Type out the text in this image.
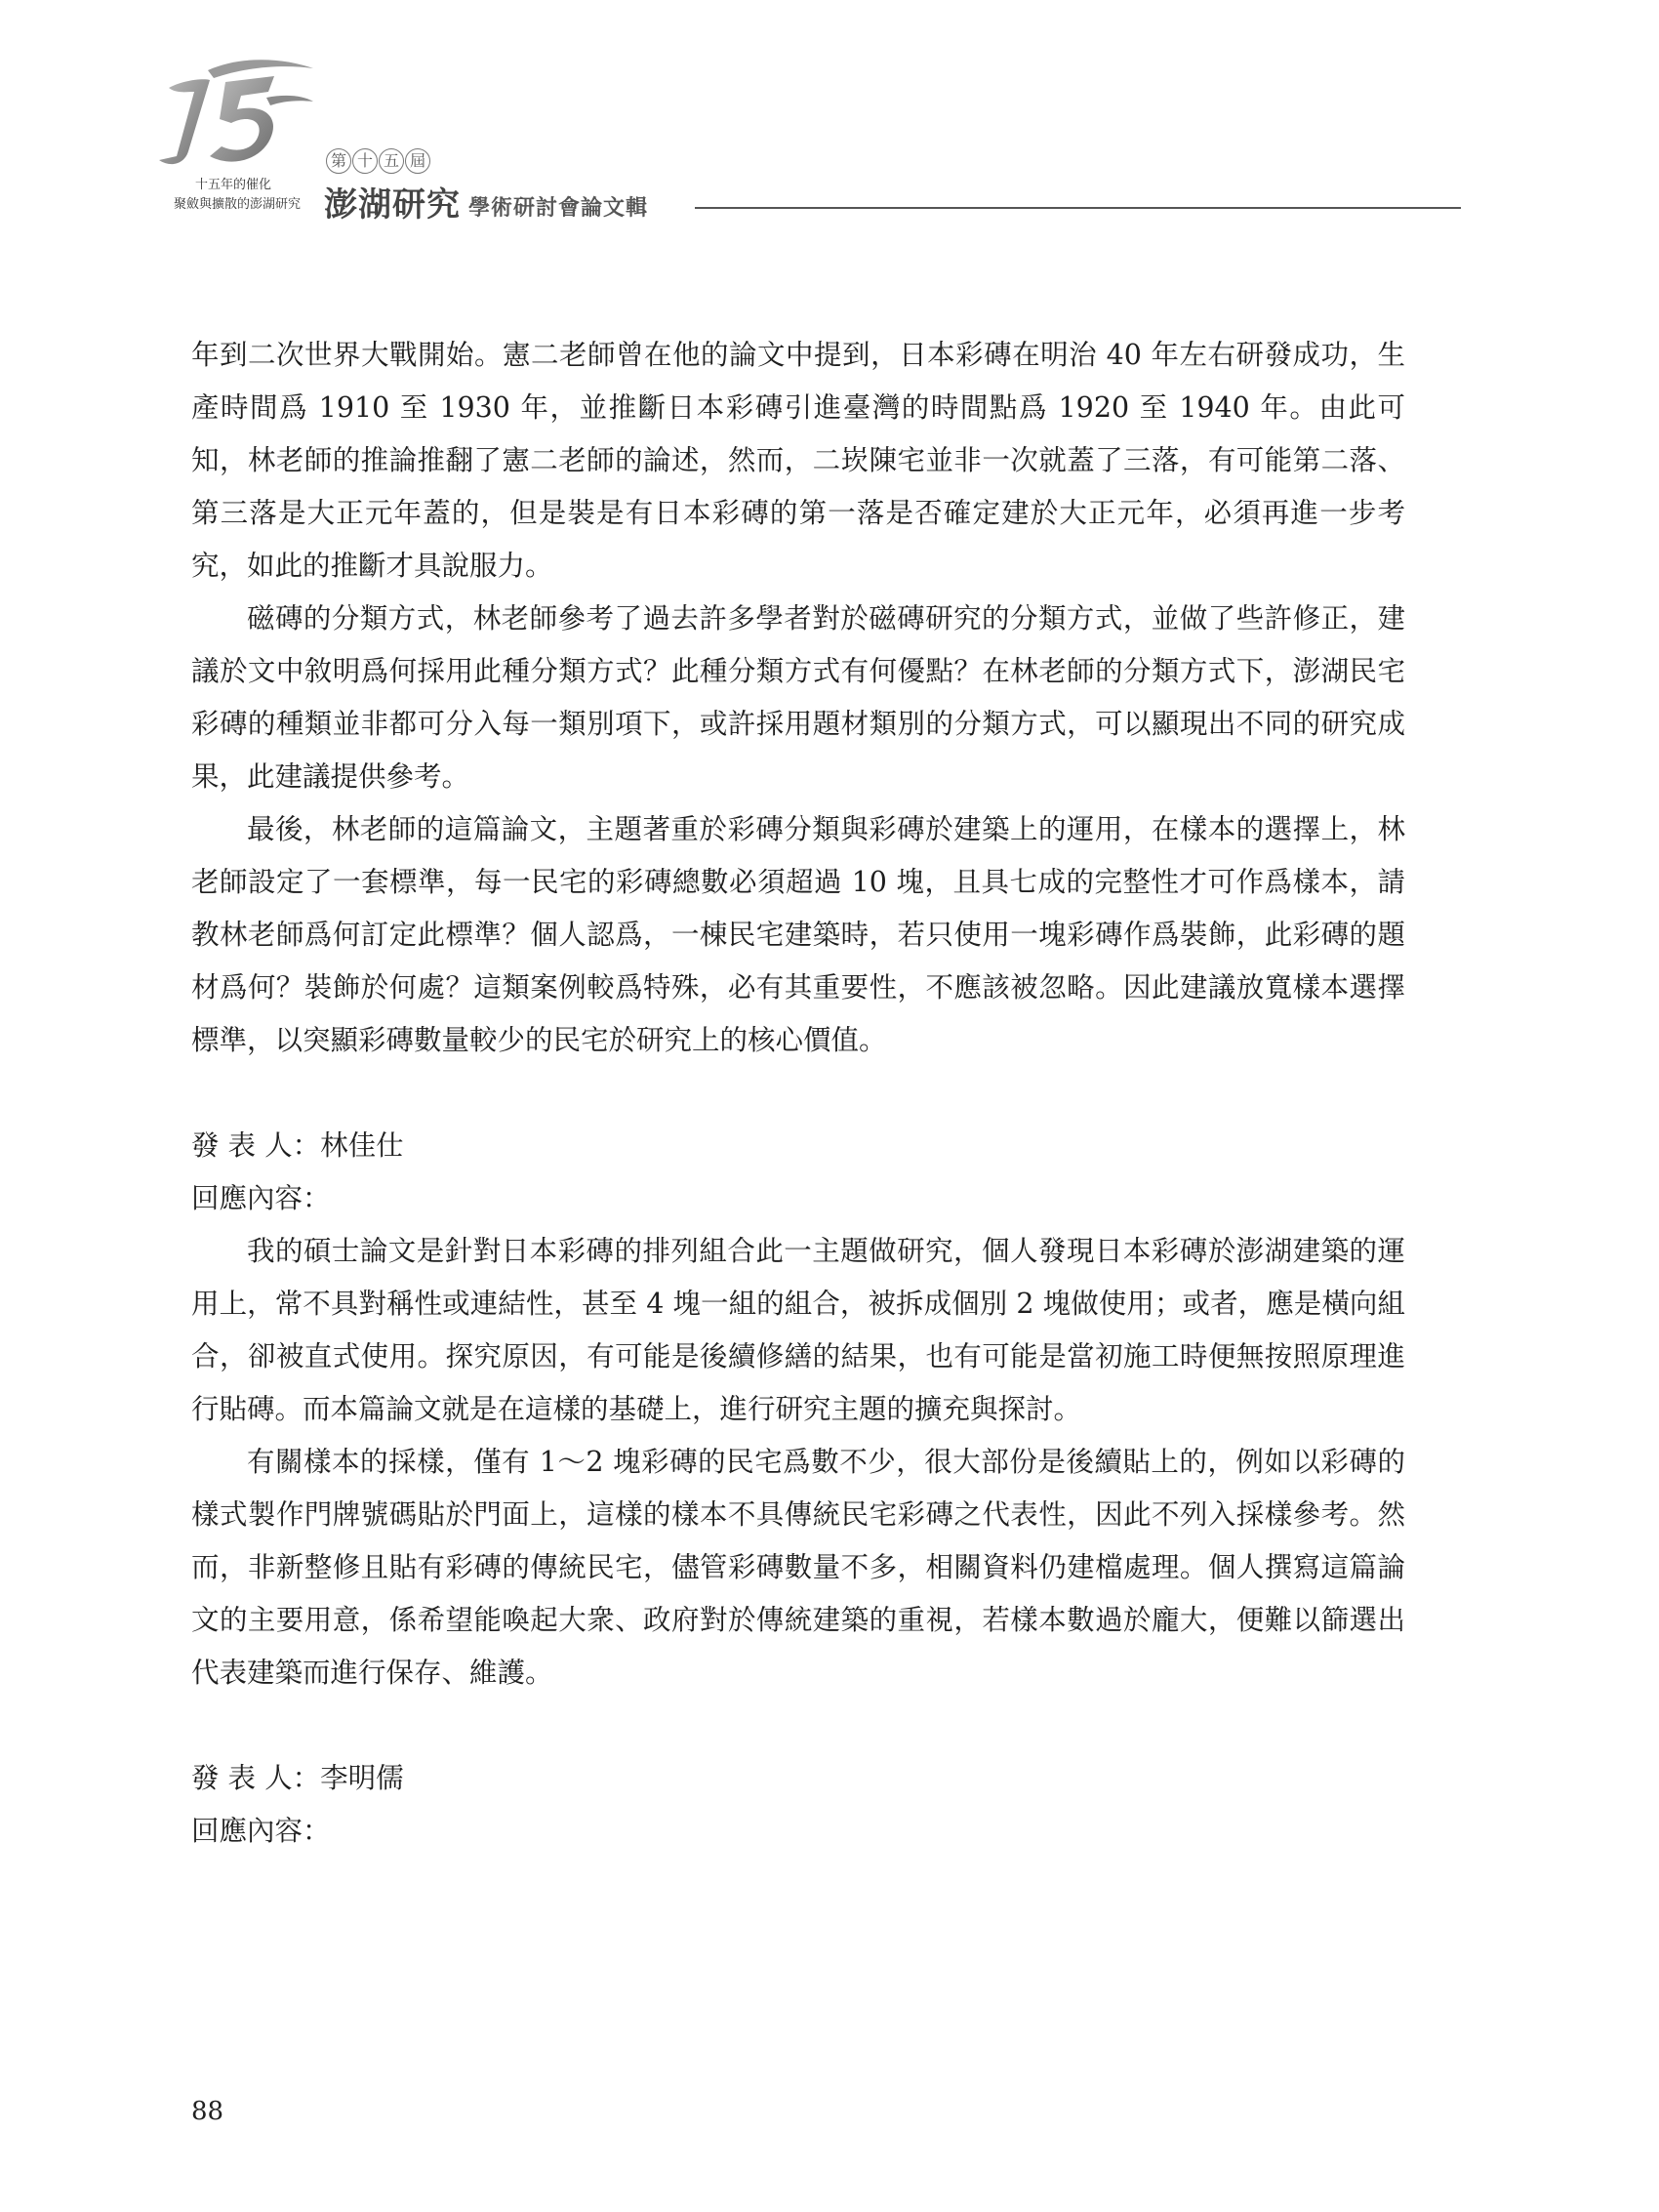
十五年的催化
聚斂與擴散的澎湖研究
第 十 五 屆
澎湖研究 學術研討會論文輯

年到二次世界大戰開始。憲二老師曾在他的論文中提到，日本彩磚在明治 40 年左右研發成功，生產時間爲 1910 至 1930 年，並推斷日本彩磚引進臺灣的時間點爲 1920 至 1940 年。由此可知，林老師的推論推翻了憲二老師的論述，然而，二崁陳宅並非一次就蓋了三落，有可能第二落、第三落是大正元年蓋的，但是裝是有日本彩磚的第一落是否確定建於大正元年，必須再進一步考究，如此的推斷才具說服力。

磁磚的分類方式，林老師參考了過去許多學者對於磁磚研究的分類方式，並做了些許修正，建議於文中敘明爲何採用此種分類方式？此種分類方式有何優點？在林老師的分類方式下，澎湖民宅彩磚的種類並非都可分入每一類別項下，或許採用題材類別的分類方式，可以顯現出不同的研究成果，此建議提供參考。

最後，林老師的這篇論文，主題著重於彩磚分類與彩磚於建築上的運用，在樣本的選擇上，林老師設定了一套標準，每一民宅的彩磚總數必須超過 10 塊，且具七成的完整性才可作爲樣本，請教林老師爲何訂定此標準？個人認爲，一棟民宅建築時，若只使用一塊彩磚作爲裝飾，此彩磚的題材爲何？裝飾於何處？這類案例較爲特殊，必有其重要性，不應該被忽略。因此建議放寬樣本選擇標準，以突顯彩磚數量較少的民宅於研究上的核心價值。

發 表 人： 林佳仕

回應內容：

我的碩士論文是針對日本彩磚的排列組合此一主題做研究，個人發現日本彩磚於澎湖建築的運用上，常不具對稱性或連結性，甚至 4 塊一組的組合，被拆成個別 2 塊做使用；或者，應是橫向組合，卻被直式使用。探究原因，有可能是後續修繕的結果，也有可能是當初施工時便無按照原理進行貼磚。而本篇論文就是在這樣的基礎上，進行研究主題的擴充與探討。

有關樣本的採樣，僅有 1～2 塊彩磚的民宅爲數不少，很大部份是後續貼上的，例如以彩磚的樣式製作門牌號碼貼於門面上，這樣的樣本不具傳統民宅彩磚之代表性，因此不列入採樣參考。然而，非新整修且貼有彩磚的傳統民宅，儘管彩磚數量不多，相關資料仍建檔處理。個人撰寫這篇論文的主要用意，係希望能喚起大衆、政府對於傳統建築的重視，若樣本數過於龐大，便難以篩選出代表建築而進行保存、維護。

發 表 人： 李明儒

回應內容：

88
